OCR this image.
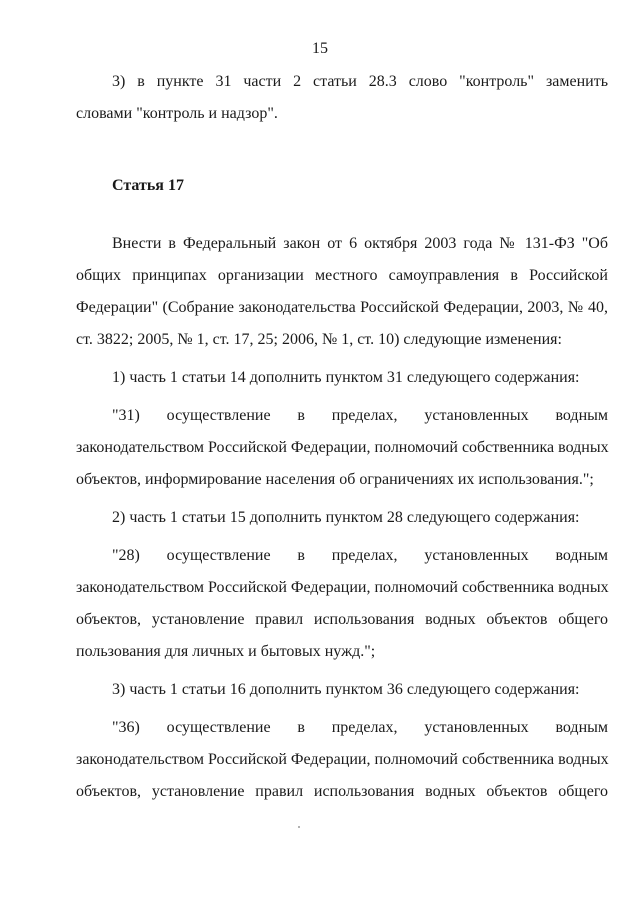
15
3) в пункте 31 части 2 статьи 28.3 слово "контроль" заменить
словами "контроль и надзор".
Статья 17
Внести в Федеральный закон от 6 октября 2003 года № 131-ФЗ "Об
общих принципах организации местного самоуправления в Российской
Федерации" (Собрание законодательства Российской Федерации, 2003, № 40,
ст. 3822; 2005, № 1, ст. 17, 25; 2006, № 1, ст. 10) следующие изменения:
1) часть 1 статьи 14 дополнить пунктом 31 следующего содержания:
"31) осуществление в пределах, установленных водным
законодательством Российской Федерации, полномочий собственника водных
объектов, информирование населения об ограничениях их использования.";
2) часть 1 статьи 15 дополнить пунктом 28 следующего содержания:
"28) осуществление в пределах, установленных водным
законодательством Российской Федерации, полномочий собственника водных
объектов, установление правил использования водных объектов общего
пользования для личных и бытовых нужд.";
3) часть 1 статьи 16 дополнить пунктом 36 следующего содержания:
"36) осуществление в пределах, установленных водным
законодательством Российской Федерации, полномочий собственника водных
объектов, установление правил использования водных объектов общего
